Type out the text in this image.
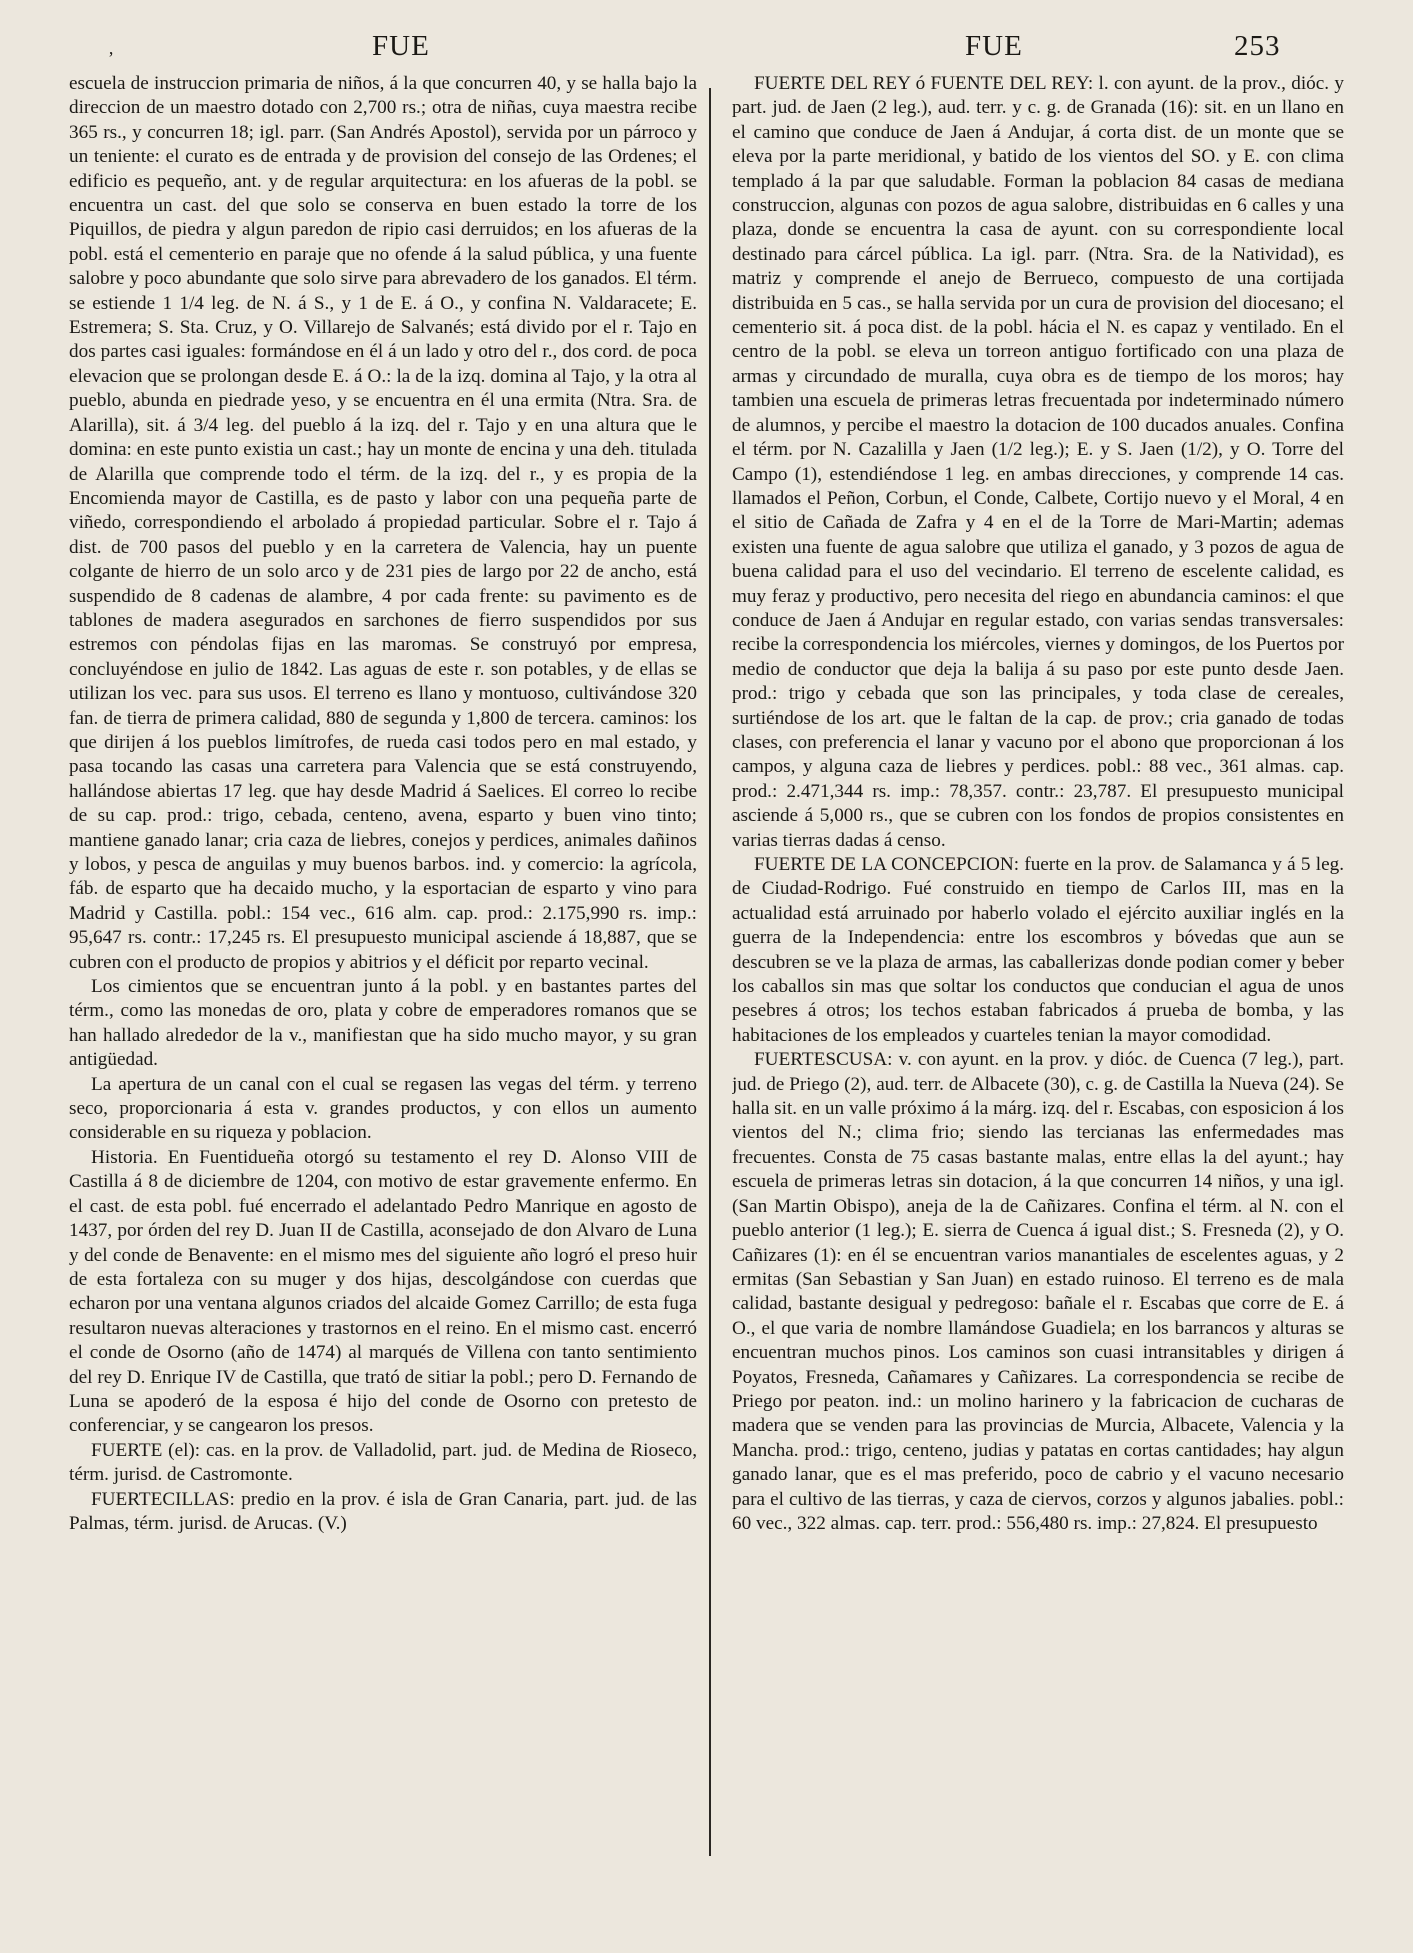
‚	FUE	FUE	253

escuela de instruccion primaria de niños, á la que concurren 40, y se halla bajo la direccion de un maestro dotado con 2,700 rs.; otra de niñas, cuya maestra recibe 365 rs., y concurren 18; igl. parr. (San Andrés Apostol), servida por un párroco y un teniente: el curato es de entrada y de provision del consejo de las Ordenes; el edificio es pequeño, ant. y de regular arquitectura: en los afueras de la pobl. se encuentra un cast. del que solo se conserva en buen estado la torre de los Piquillos, de piedra y algun paredon de ripio casi derruidos; en los afueras de la pobl. está el cementerio en paraje que no ofende á la salud pública, y una fuente salobre y poco abundante que solo sirve para abrevadero de los ganados. El térm. se estiende 1 1/4 leg. de N. á S., y 1 de E. á O., y confina N. Valdaracete; E. Estremera; S. Sta. Cruz, y O. Villarejo de Salvanés; está divido por el r. Tajo en dos partes casi iguales: formándose en él á un lado y otro del r., dos cord. de poca elevacion que se prolongan desde E. á O.: la de la izq. domina al Tajo, y la otra al pueblo, abunda en piedrade yeso, y se encuentra en él una ermita (Ntra. Sra. de Alarilla), sit. á 3/4 leg. del pueblo á la izq. del r. Tajo y en una altura que le domina: en este punto existia un cast.; hay un monte de encina y una deh. titulada de Alarilla que comprende todo el térm. de la izq. del r., y es propia de la Encomienda mayor de Castilla, es de pasto y labor con una pequeña parte de viñedo, correspondiendo el arbolado á propiedad particular. Sobre el r. Tajo á dist. de 700 pasos del pueblo y en la carretera de Valencia, hay un puente colgante de hierro de un solo arco y de 231 pies de largo por 22 de ancho, está suspendido de 8 cadenas de alambre, 4 por cada frente: su pavimento es de tablones de madera asegurados en sarchones de fierro suspendidos por sus estremos con péndolas fijas en las maromas. Se construyó por empresa, concluyéndose en julio de 1842. Las aguas de este r. son potables, y de ellas se utilizan los vec. para sus usos. El terreno es llano y montuoso, cultivándose 320 fan. de tierra de primera calidad, 880 de segunda y 1,800 de tercera. caminos: los que dirijen á los pueblos limítrofes, de rueda casi todos pero en mal estado, y pasa tocando las casas una carretera para Valencia que se está construyendo, hallándose abiertas 17 leg. que hay desde Madrid á Saelices. El correo lo recibe de su cap. prod.: trigo, cebada, centeno, avena, esparto y buen vino tinto; mantiene ganado lanar; cria caza de liebres, conejos y perdices, animales dañinos y lobos, y pesca de anguilas y muy buenos barbos. ind. y comercio: la agrícola, fáb. de esparto que ha decaido mucho, y la esportacian de esparto y vino para Madrid y Castilla. pobl.: 154 vec., 616 alm. cap. prod.: 2.175,990 rs. imp.: 95,647 rs. contr.: 17,245 rs. El presupuesto municipal asciende á 18,887, que se cubren con el producto de propios y abitrios y el déficit por reparto vecinal.

Los cimientos que se encuentran junto á la pobl. y en bastantes partes del térm., como las monedas de oro, plata y cobre de emperadores romanos que se han hallado alrededor de la v., manifiestan que ha sido mucho mayor, y su gran antigüedad.

La apertura de un canal con el cual se regasen las vegas del térm. y terreno seco, proporcionaria á esta v. grandes productos, y con ellos un aumento considerable en su riqueza y poblacion.

Historia. En Fuentidueña otorgó su testamento el rey D. Alonso VIII de Castilla á 8 de diciembre de 1204, con motivo de estar gravemente enfermo. En el cast. de esta pobl. fué encerrado el adelantado Pedro Manrique en agosto de 1437, por órden del rey D. Juan II de Castilla, aconsejado de don Alvaro de Luna y del conde de Benavente: en el mismo mes del siguiente año logró el preso huir de esta fortaleza con su muger y dos hijas, descolgándose con cuerdas que echaron por una ventana algunos criados del alcaide Gomez Carrillo; de esta fuga resultaron nuevas alteraciones y trastornos en el reino. En el mismo cast. encerró el conde de Osorno (año de 1474) al marqués de Villena con tanto sentimiento del rey D. Enrique IV de Castilla, que trató de sitiar la pobl.; pero D. Fernando de Luna se apoderó de la esposa é hijo del conde de Osorno con pretesto de conferenciar, y se cangearon los presos.

FUERTE (el): cas. en la prov. de Valladolid, part. jud. de Medina de Rioseco, térm. jurisd. de Castromonte.

FUERTECILLAS: predio en la prov. é isla de Gran Canaria, part. jud. de las Palmas, térm. jurisd. de Arucas. (V.)

FUERTE DEL REY ó FUENTE DEL REY: l. con ayunt. de la prov., dióc. y part. jud. de Jaen (2 leg.), aud. terr. y c. g. de Granada (16): sit. en un llano en el camino que conduce de Jaen á Andujar, á corta dist. de un monte que se eleva por la parte meridional, y batido de los vientos del SO. y E. con clima templado á la par que saludable. Forman la poblacion 84 casas de mediana construccion, algunas con pozos de agua salobre, distribuidas en 6 calles y una plaza, donde se encuentra la casa de ayunt. con su correspondiente local destinado para cárcel pública. La igl. parr. (Ntra. Sra. de la Natividad), es matriz y comprende el anejo de Berrueco, compuesto de una cortijada distribuida en 5 cas., se halla servida por un cura de provision del diocesano; el cementerio sit. á poca dist. de la pobl. hácia el N. es capaz y ventilado. En el centro de la pobl. se eleva un torreon antiguo fortificado con una plaza de armas y circundado de muralla, cuya obra es de tiempo de los moros; hay tambien una escuela de primeras letras frecuentada por indeterminado número de alumnos, y percibe el maestro la dotacion de 100 ducados anuales. Confina el térm. por N. Cazalilla y Jaen (1/2 leg.); E. y S. Jaen (1/2), y O. Torre del Campo (1), estendiéndose 1 leg. en ambas direcciones, y comprende 14 cas. llamados el Peñon, Corbun, el Conde, Calbete, Cortijo nuevo y el Moral, 4 en el sitio de Cañada de Zafra y 4 en el de la Torre de Mari-Martin; ademas existen una fuente de agua salobre que utiliza el ganado, y 3 pozos de agua de buena calidad para el uso del vecindario. El terreno de escelente calidad, es muy feraz y productivo, pero necesita del riego en abundancia caminos: el que conduce de Jaen á Andujar en regular estado, con varias sendas transversales: recibe la correspondencia los miércoles, viernes y domingos, de los Puertos por medio de conductor que deja la balija á su paso por este punto desde Jaen. prod.: trigo y cebada que son las principales, y toda clase de cereales, surtiéndose de los art. que le faltan de la cap. de prov.; cria ganado de todas clases, con preferencia el lanar y vacuno por el abono que proporcionan á los campos, y alguna caza de liebres y perdices. pobl.: 88 vec., 361 almas. cap. prod.: 2.471,344 rs. imp.: 78,357. contr.: 23,787. El presupuesto municipal asciende á 5,000 rs., que se cubren con los fondos de propios consistentes en varias tierras dadas á censo.

FUERTE DE LA CONCEPCION: fuerte en la prov. de Salamanca y á 5 leg. de Ciudad-Rodrigo. Fué construido en tiempo de Carlos III, mas en la actualidad está arruinado por haberlo volado el ejército auxiliar inglés en la guerra de la Independencia: entre los escombros y bóvedas que aun se descubren se ve la plaza de armas, las caballerizas donde podian comer y beber los caballos sin mas que soltar los conductos que conducian el agua de unos pesebres á otros; los techos estaban fabricados á prueba de bomba, y las habitaciones de los empleados y cuarteles tenian la mayor comodidad.

FUERTESCUSA: v. con ayunt. en la prov. y dióc. de Cuenca (7 leg.), part. jud. de Priego (2), aud. terr. de Albacete (30), c. g. de Castilla la Nueva (24). Se halla sit. en un valle próximo á la márg. izq. del r. Escabas, con esposicion á los vientos del N.; clima frio; siendo las tercianas las enfermedades mas frecuentes. Consta de 75 casas bastante malas, entre ellas la del ayunt.; hay escuela de primeras letras sin dotacion, á la que concurren 14 niños, y una igl. (San Martin Obispo), aneja de la de Cañizares. Confina el térm. al N. con el pueblo anterior (1 leg.); E. sierra de Cuenca á igual dist.; S. Fresneda (2), y O. Cañizares (1): en él se encuentran varios manantiales de escelentes aguas, y 2 ermitas (San Sebastian y San Juan) en estado ruinoso. El terreno es de mala calidad, bastante desigual y pedregoso: bañale el r. Escabas que corre de E. á O., el que varia de nombre llamándose Guadiela; en los barrancos y alturas se encuentran muchos pinos. Los caminos son cuasi intransitables y dirigen á Poyatos, Fresneda, Cañamares y Cañizares. La correspondencia se recibe de Priego por peaton. ind.: un molino harinero y la fabricacion de cucharas de madera que se venden para las provincias de Murcia, Albacete, Valencia y la Mancha. prod.: trigo, centeno, judias y patatas en cortas cantidades; hay algun ganado lanar, que es el mas preferido, poco de cabrio y el vacuno necesario para el cultivo de las tierras, y caza de ciervos, corzos y algunos jabalies. pobl.: 60 vec., 322 almas. cap. terr. prod.: 556,480 rs. imp.: 27,824. El presupuesto
